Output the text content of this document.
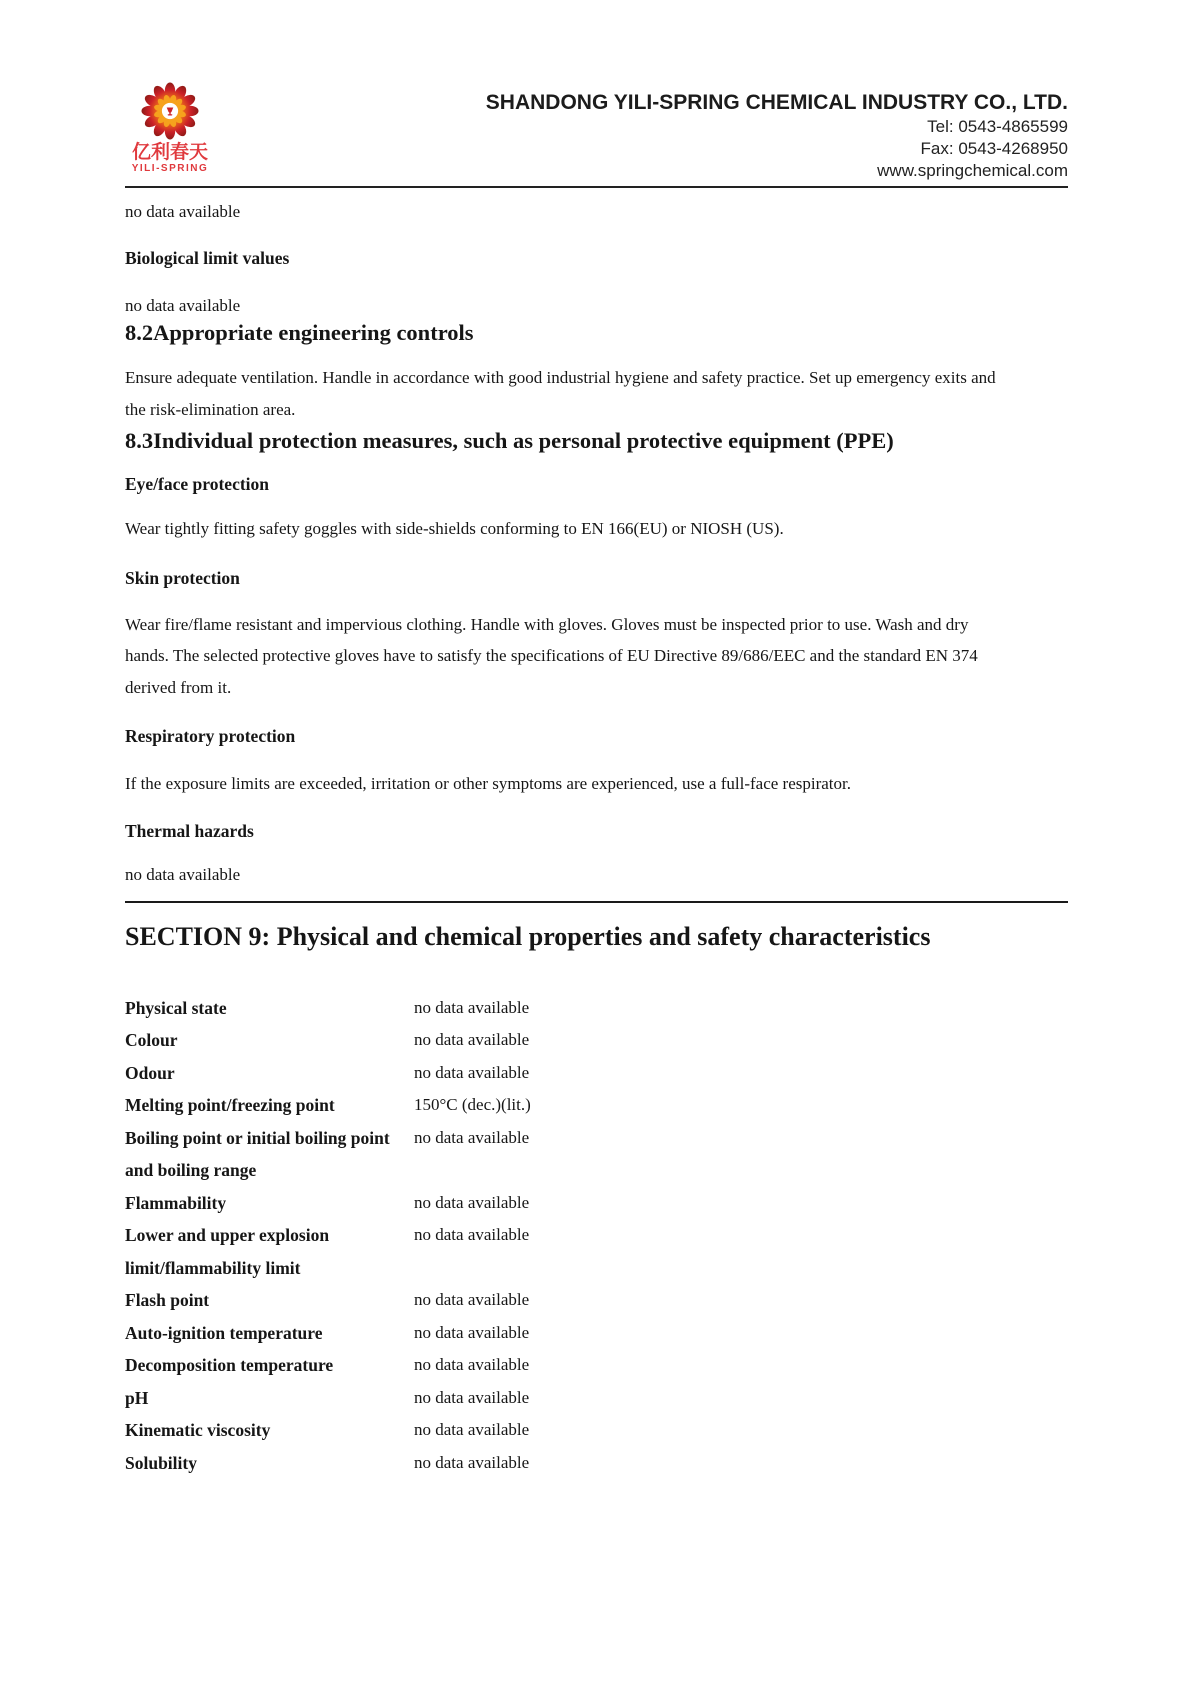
亿利春天
YILI-SPRING
SHANDONG YILI-SPRING CHEMICAL INDUSTRY CO., LTD.
Tel: 0543-4865599
Fax: 0543-4268950
www.springchemical.com

no data available

Biological limit values

no data available

8.2Appropriate engineering controls

Ensure adequate ventilation. Handle in accordance with good industrial hygiene and safety practice. Set up emergency exits and the risk-elimination area.

8.3Individual protection measures, such as personal protective equipment (PPE)

Eye/face protection

Wear tightly fitting safety goggles with side-shields conforming to EN 166(EU) or NIOSH (US).

Skin protection

Wear fire/flame resistant and impervious clothing. Handle with gloves. Gloves must be inspected prior to use. Wash and dry hands. The selected protective gloves have to satisfy the specifications of EU Directive 89/686/EEC and the standard EN 374 derived from it.

Respiratory protection

If the exposure limits are exceeded, irritation or other symptoms are experienced, use a full-face respirator.

Thermal hazards

no data available

SECTION 9: Physical and chemical properties and safety characteristics

Physical state	no data available
Colour	no data available
Odour	no data available
Melting point/freezing point	150°C (dec.)(lit.)
Boiling point or initial boiling point and boiling range
no data available
Flammability	no data available
Lower and upper explosion limit/flammability limit
no data available
Flash point	no data available
Auto-ignition temperature	no data available
Decomposition temperature	no data available
pH	no data available
Kinematic viscosity	no data available
Solubility	no data available
